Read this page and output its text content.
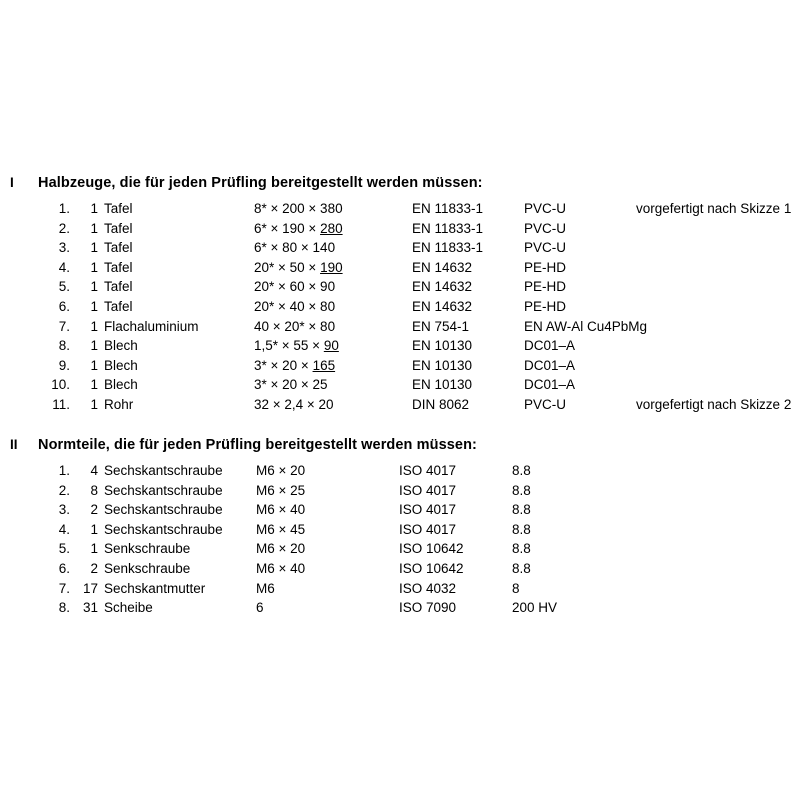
I	Halbzeuge, die für jeden Prüfling bereitgestellt werden müssen:
1.	1 Tafel	8* × 200 × 380	EN 11833-1	PVC-U	vorgefertigt nach Skizze 1
2.	1 Tafel	6* × 190 × 280	EN 11833-1	PVC-U
3.	1 Tafel	6* × 80 × 140	EN 11833-1	PVC-U
4.	1 Tafel	20* × 50 × 190	EN 14632	PE-HD
5.	1 Tafel	20* × 60 × 90	EN 14632	PE-HD
6.	1 Tafel	20* × 40 × 80	EN 14632	PE-HD
7.	1 Flachaluminium	40 × 20* × 80	EN 754-1	EN AW-Al Cu4PbMg
8.	1 Blech	1,5* × 55 × 90	EN 10130	DC01–A
9.	1 Blech	3* × 20 × 165	EN 10130	DC01–A
10.	1 Blech	3* × 20 × 25	EN 10130	DC01–A
11.	1 Rohr	32 × 2,4 × 20	DIN 8062	PVC-U	vorgefertigt nach Skizze 2
II	Normteile, die für jeden Prüfling bereitgestellt werden müssen:
1.	4 Sechskantschraube	M6 × 20	ISO 4017	8.8
2.	8 Sechskantschraube	M6 × 25	ISO 4017	8.8
3.	2 Sechskantschraube	M6 × 40	ISO 4017	8.8
4.	1 Sechskantschraube	M6 × 45	ISO 4017	8.8
5.	1 Senkschraube	M6 × 20	ISO 10642	8.8
6.	2 Senkschraube	M6 × 40	ISO 10642	8.8
7. 17 Sechskantmutter	M6	ISO 4032	8
8. 31 Scheibe	6	ISO 7090	200 HV
